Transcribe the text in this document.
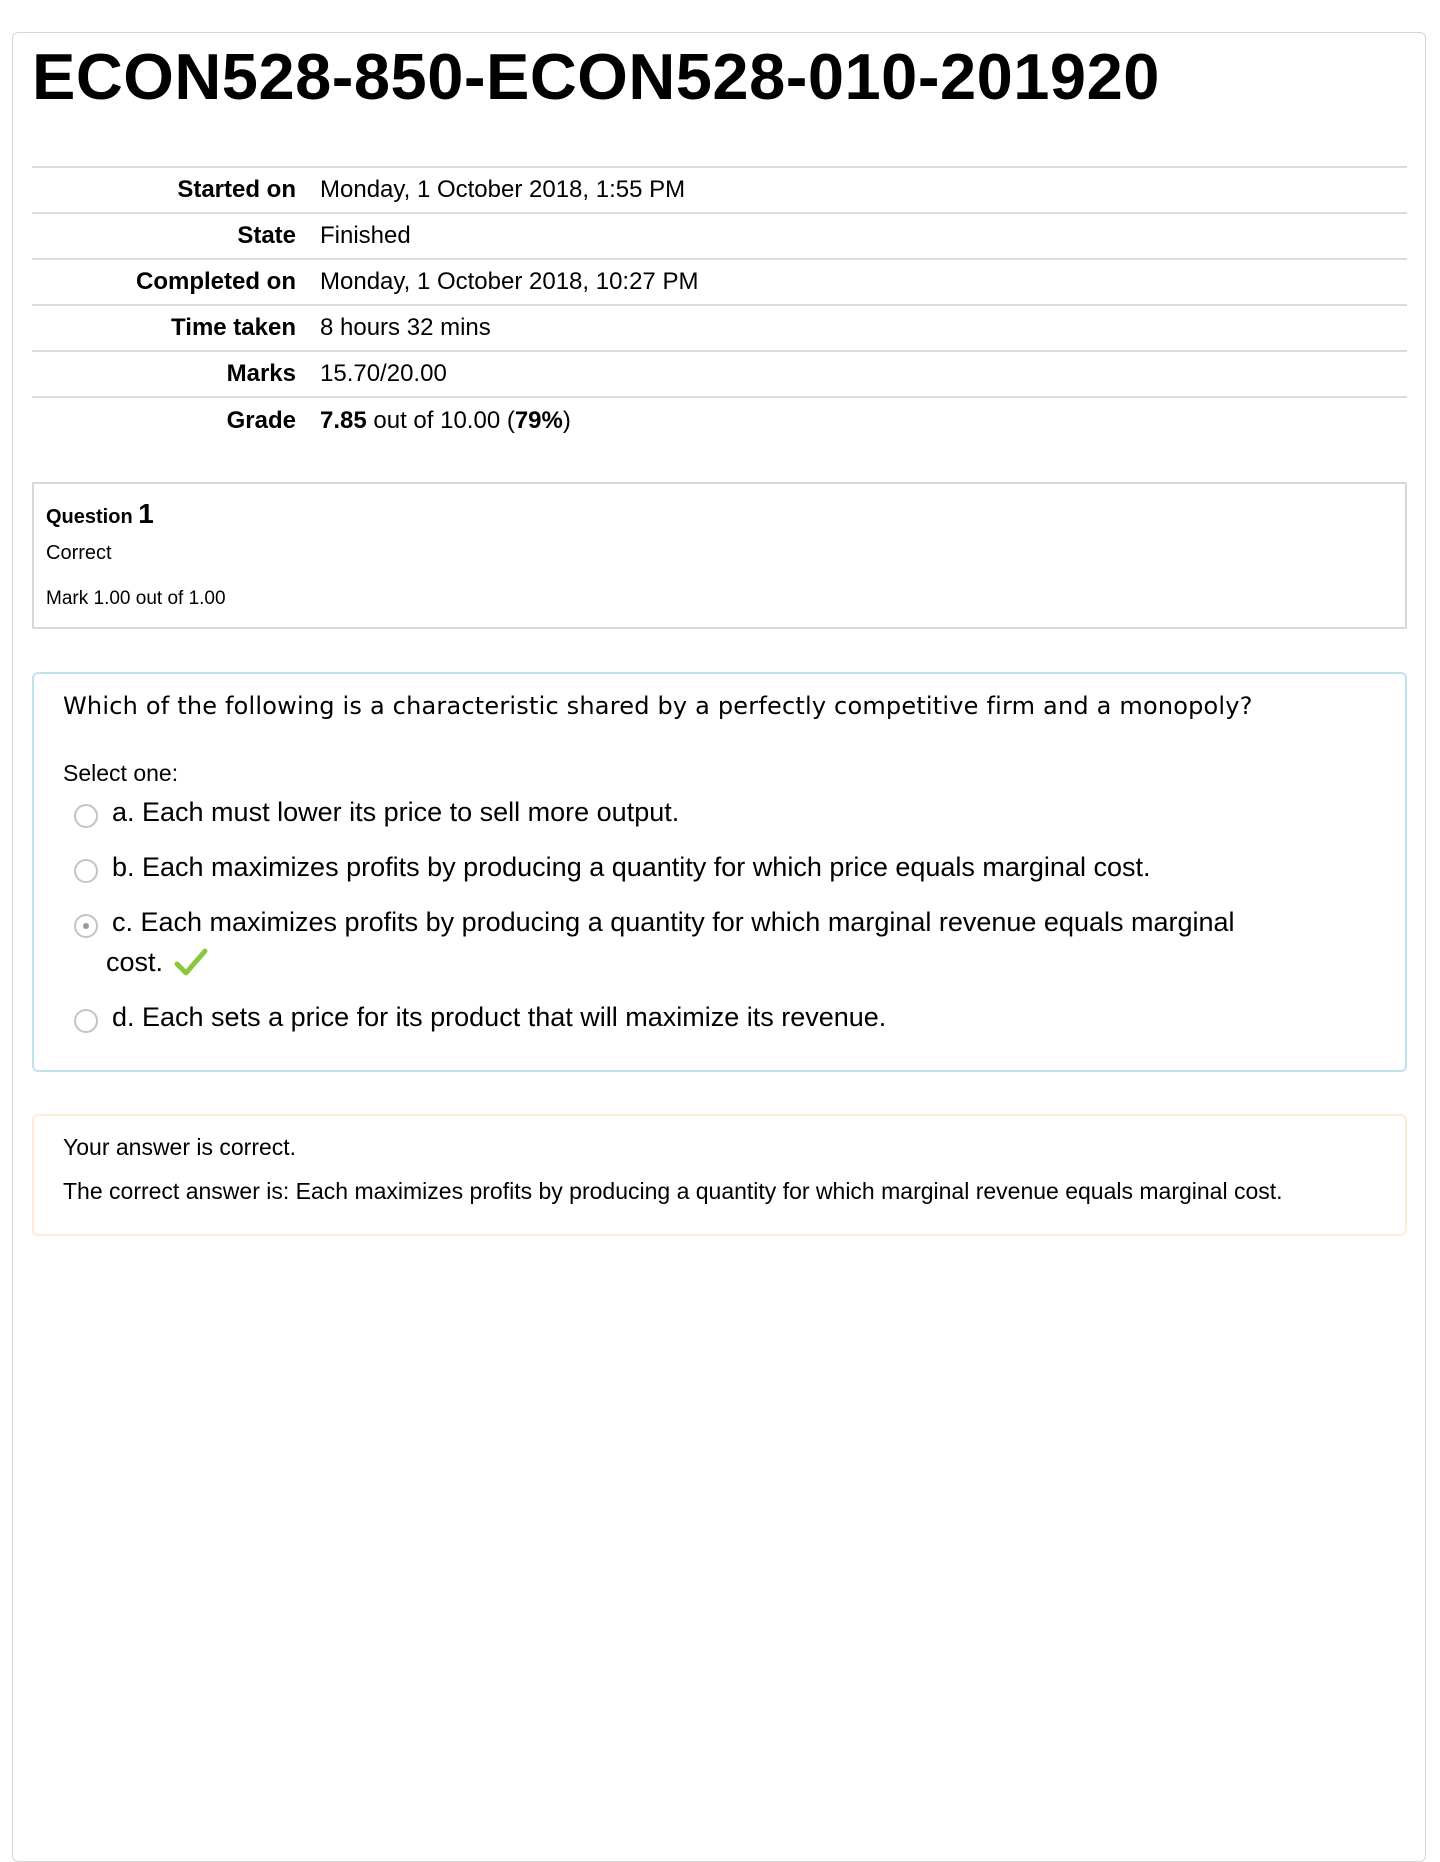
ECON528-850-ECON528-010-201920
Started on	Monday, 1 October 2018, 1:55 PM
State	Finished
Completed on	Monday, 1 October 2018, 10:27 PM
Time taken	8 hours 32 mins
Marks	15.70/20.00
Grade	7.85 out of 10.00 (79%)
Question 1
Correct
Mark 1.00 out of 1.00
Which of the following is a characteristic shared by a perfectly competitive firm and a monopoly?
Select one:
a. Each must lower its price to sell more output.
b. Each maximizes profits by producing a quantity for which price equals marginal cost.
c. Each maximizes profits by producing a quantity for which marginal revenue equals marginal
cost.
d. Each sets a price for its product that will maximize its revenue.
Your answer is correct.
The correct answer is: Each maximizes profits by producing a quantity for which marginal revenue equals marginal cost.
